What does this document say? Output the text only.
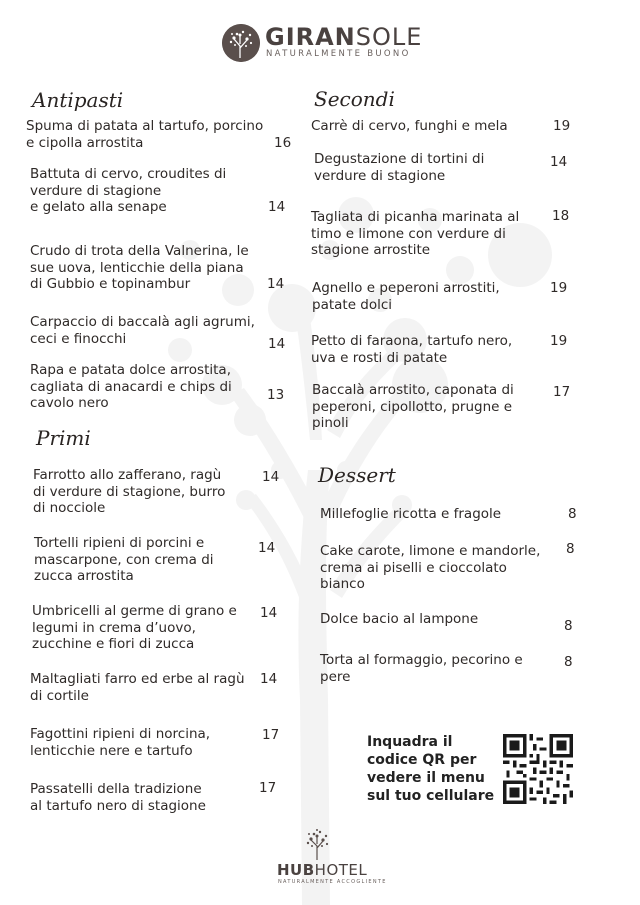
GIRANSOLE
NATURALMENTE BUONO
Antipasti
Spuma di patata al tartufo, porcino
e cipolla arrostita	16
Battuta di cervo, croudites di
verdure di stagione
e gelato alla senape	14
Crudo di trota della Valnerina, le
sue uova, lenticchie della piana
di Gubbio e topinambur	14
Carpaccio di baccalà agli agrumi,
ceci e finocchi	14
Rapa e patata dolce arrostita,
cagliata di anacardi e chips di
cavolo nero	13
Primi
Farrotto allo zafferano, ragù
di verdure di stagione, burro
di nocciole
14
Tortelli ripieni di porcini e
mascarpone, con crema di
zucca arrostita
14
Umbricelli al germe di grano e
legumi in crema d’uovo,
zucchine e fiori di zucca
14
Maltagliati farro ed erbe al ragù
di cortile
14
Fagottini ripieni di norcina,
lenticchie nere e tartufo
17
Passatelli della tradizione
al tartufo nero di stagione
17
Secondi
Carrè di cervo, funghi e mela	19
Degustazione di tortini di
verdure di stagione
14
Tagliata di picanha marinata al
timo e limone con verdure di
stagione arrostite
18
Agnello e peperoni arrostiti,
patate dolci
19
Petto di faraona, tartufo nero,
uva e rosti di patate
19
Baccalà arrostito, caponata di
peperoni, cipollotto, prugne e
pinoli
17
Dessert
Millefoglie ricotta e fragole	8
Cake carote, limone e mandorle,
crema ai piselli e cioccolato
bianco
8
Dolce bacio al lampone	8
Torta al formaggio, pecorino e
pere
8
Inquadra il
codice QR per
vedere il menu
sul tuo cellulare
HUBHOTEL
NATURALMENTE ACCOGLIENTE
